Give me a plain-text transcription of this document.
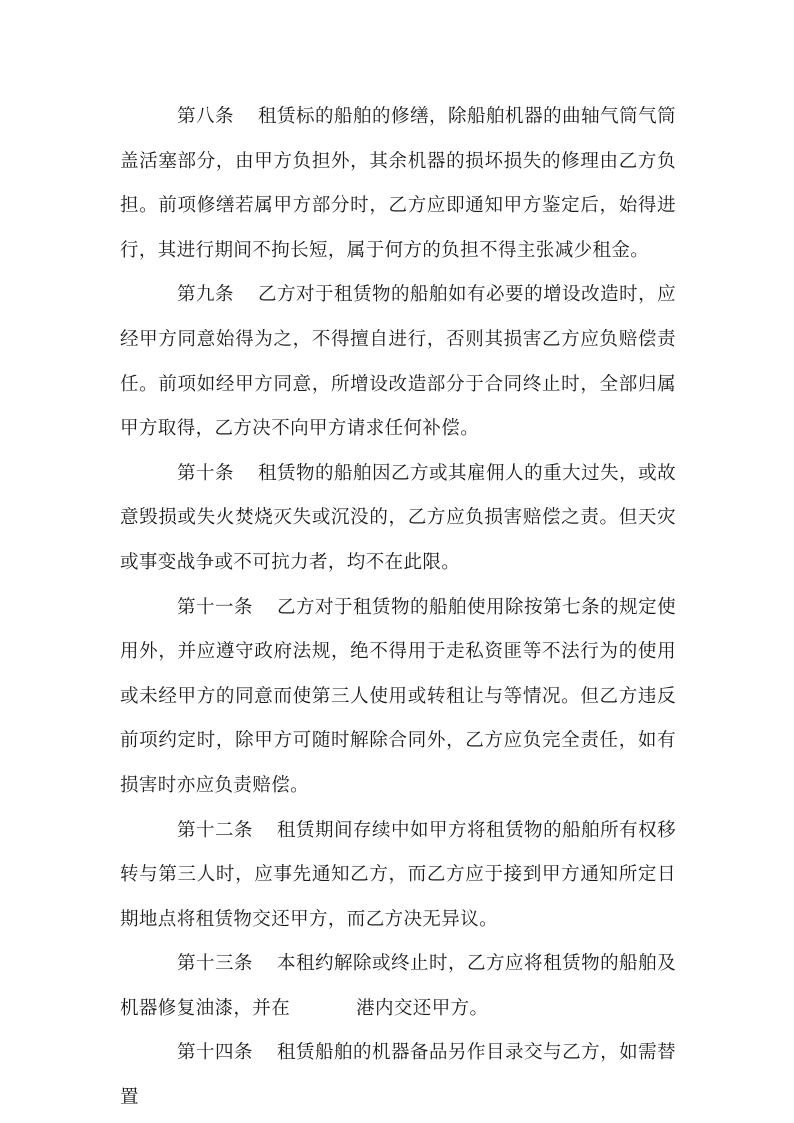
第八条 租赁标的船舶的修缮，除船舶机器的曲轴气筒气筒盖活塞部分，由甲方负担外，其余机器的损坏损失的修理由乙方负担。前项修缮若属甲方部分时，乙方应即通知甲方鉴定后，始得进行，其进行期间不拘长短，属于何方的负担不得主张减少租金。

第九条 乙方对于租赁物的船舶如有必要的增设改造时，应经甲方同意始得为之，不得擅自进行，否则其损害乙方应负赔偿责任。前项如经甲方同意，所增设改造部分于合同终止时，全部归属甲方取得，乙方决不向甲方请求任何补偿。

第十条 租赁物的船舶因乙方或其雇佣人的重大过失，或故意毁损或失火焚烧灭失或沉没的，乙方应负损害赔偿之责。但天灾或事变战争或不可抗力者，均不在此限。

第十一条 乙方对于租赁物的船舶使用除按第七条的规定使用外，并应遵守政府法规，绝不得用于走私资匪等不法行为的使用或未经甲方的同意而使第三人使用或转租让与等情况。但乙方违反前项约定时，除甲方可随时解除合同外，乙方应负完全责任，如有损害时亦应负责赔偿。

第十二条 租赁期间存续中如甲方将租赁物的船舶所有权移转与第三人时，应事先通知乙方，而乙方应于接到甲方通知所定日期地点将租赁物交还甲方，而乙方决无异议。

第十三条 本租约解除或终止时，乙方应将租赁物的船舶及机器修复油漆，并在	港内交还甲方。

第十四条 租赁船舶的机器备品另作目录交与乙方，如需替置
